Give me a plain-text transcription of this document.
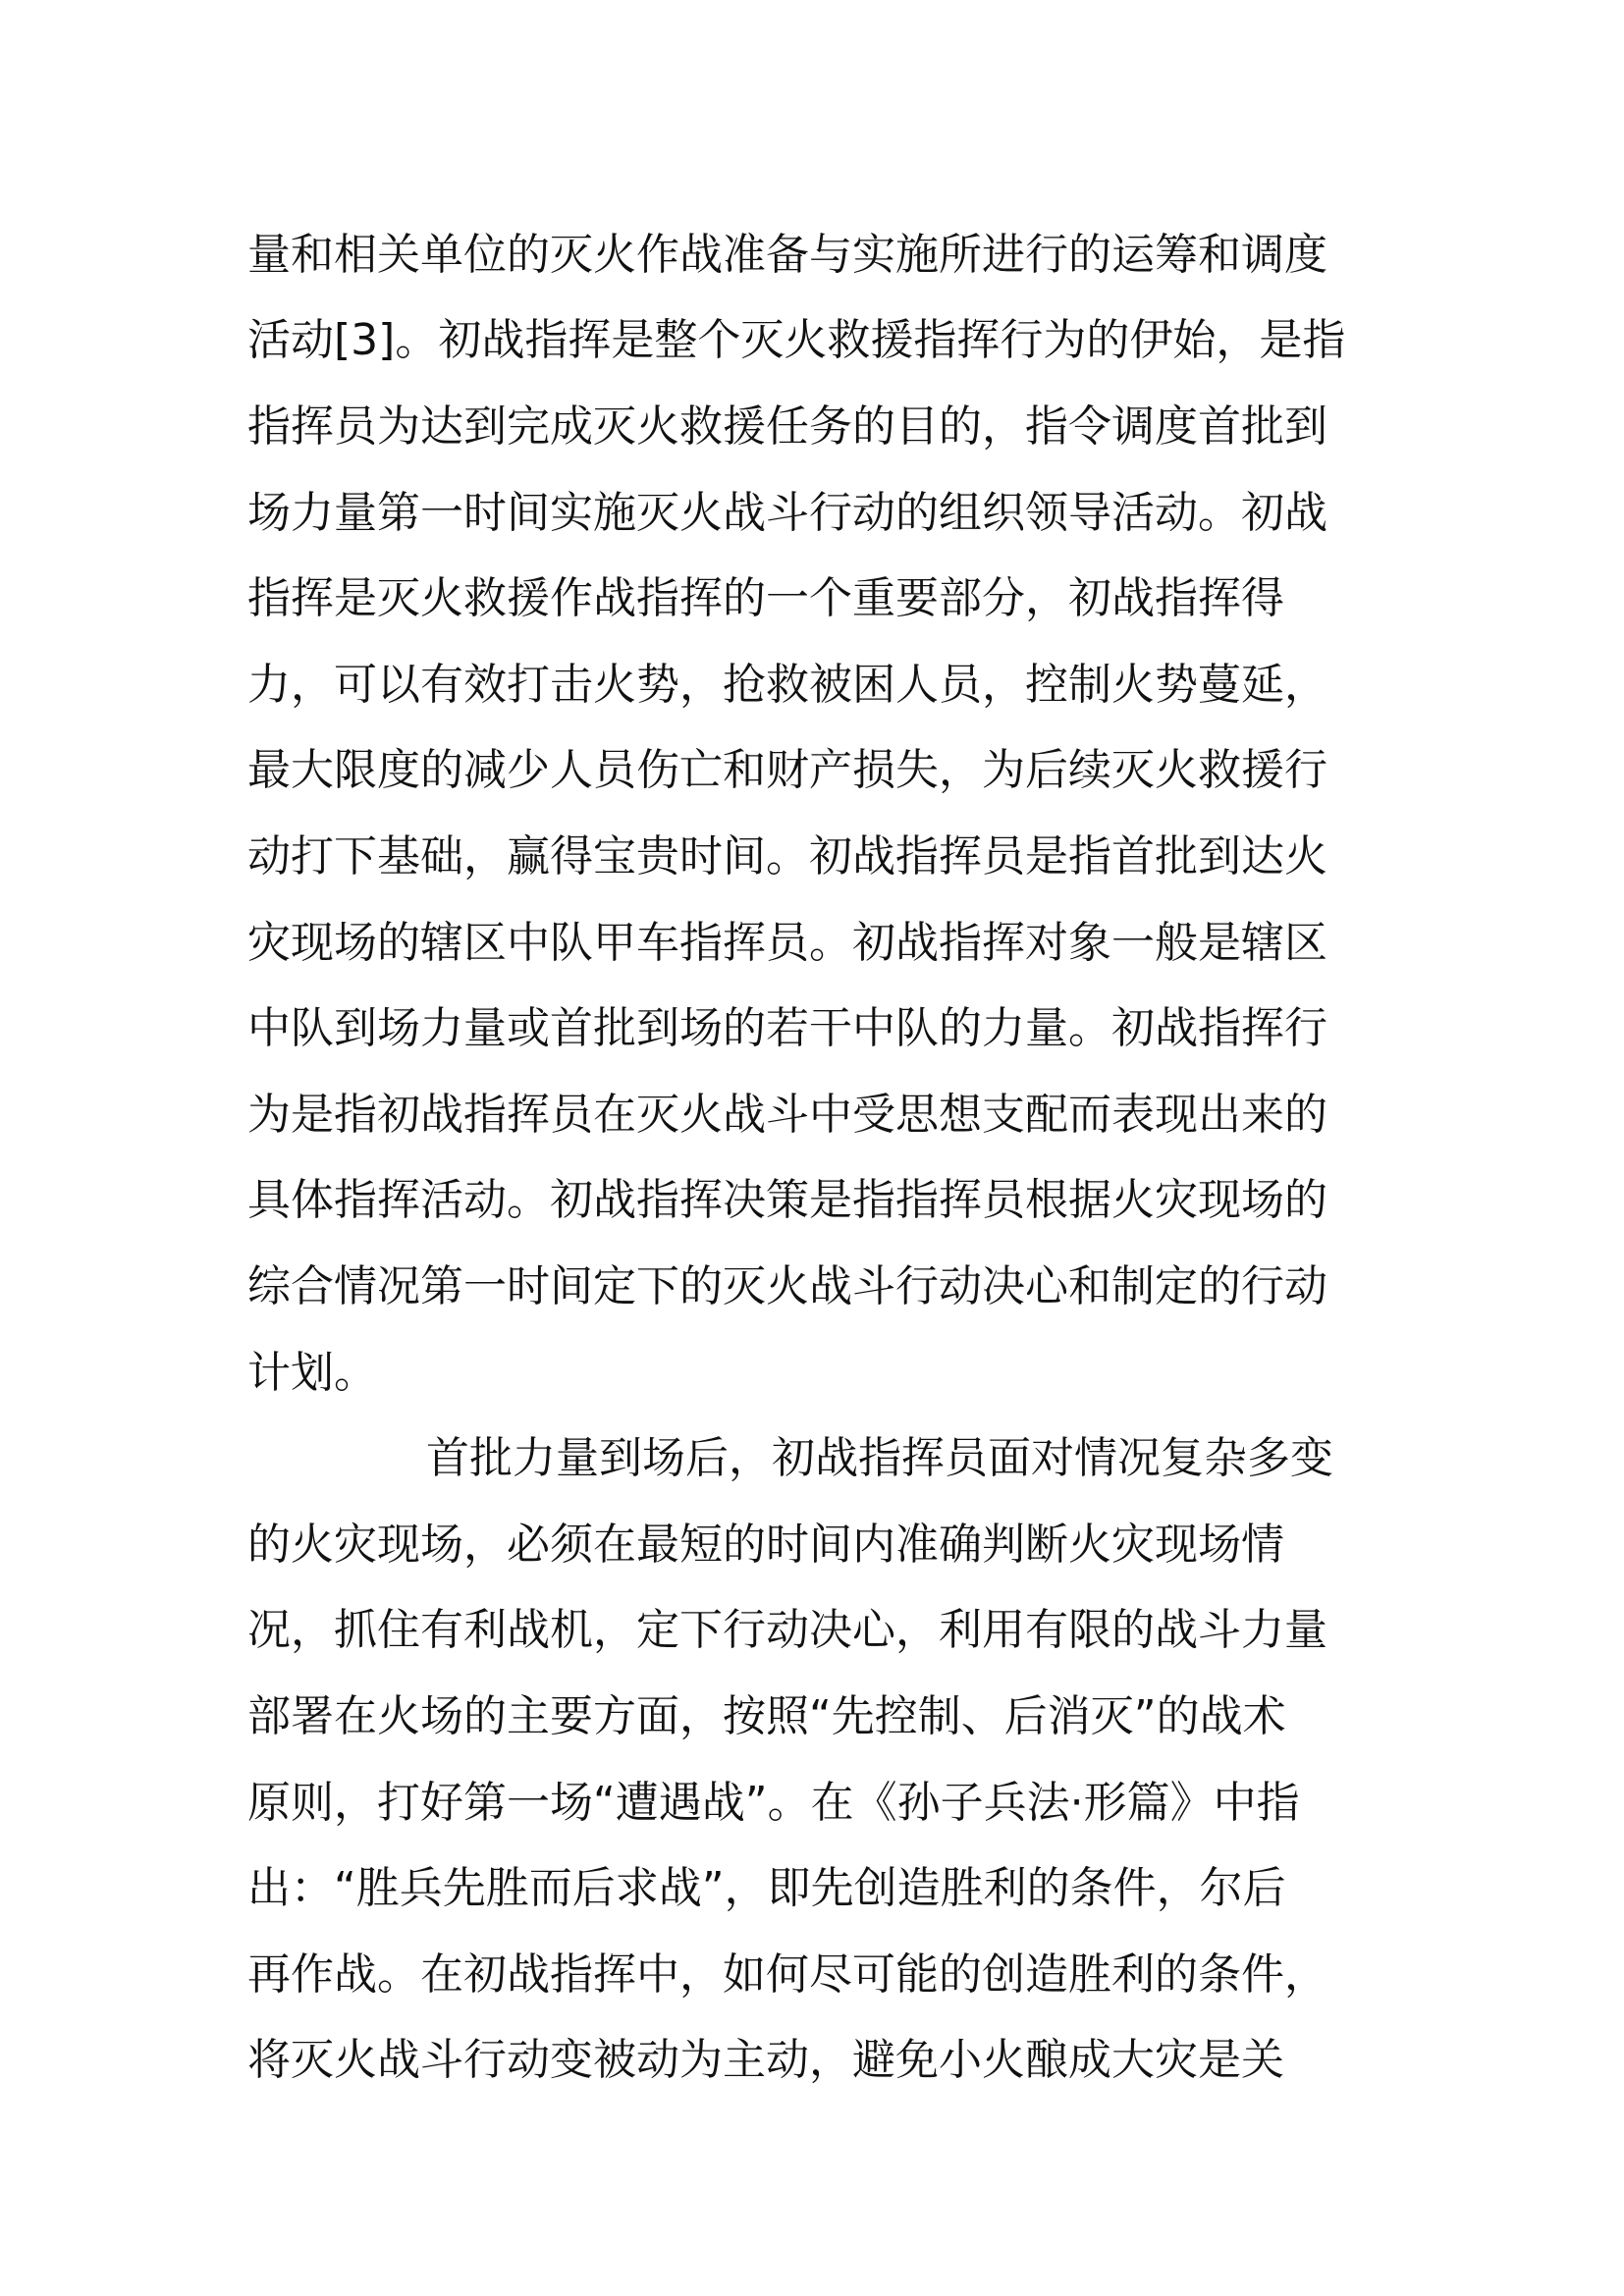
量和相关单位的灭火作战准备与实施所进行的运筹和调度
活动[3]。初战指挥是整个灭火救援指挥行为的伊始，是指
指挥员为达到完成灭火救援任务的目的，指令调度首批到
场力量第一时间实施灭火战斗行动的组织领导活动。初战
指挥是灭火救援作战指挥的一个重要部分，初战指挥得
力，可以有效打击火势，抢救被困人员，控制火势蔓延，
最大限度的减少人员伤亡和财产损失，为后续灭火救援行
动打下基础，赢得宝贵时间。初战指挥员是指首批到达火
灾现场的辖区中队甲车指挥员。初战指挥对象一般是辖区
中队到场力量或首批到场的若干中队的力量。初战指挥行
为是指初战指挥员在灭火战斗中受思想支配而表现出来的
具体指挥活动。初战指挥决策是指指挥员根据火灾现场的
综合情况第一时间定下的灭火战斗行动决心和制定的行动
计划。
首批力量到场后，初战指挥员面对情况复杂多变
的火灾现场，必须在最短的时间内准确判断火灾现场情
况，抓住有利战机，定下行动决心，利用有限的战斗力量
部署在火场的主要方面，按照“先控制、后消灭”的战术
原则，打好第一场“遭遇战”。在《孙子兵法·形篇》中指
出：“胜兵先胜而后求战”，即先创造胜利的条件，尔后
再作战。在初战指挥中，如何尽可能的创造胜利的条件，
将灭火战斗行动变被动为主动，避免小火酿成大灾是关
